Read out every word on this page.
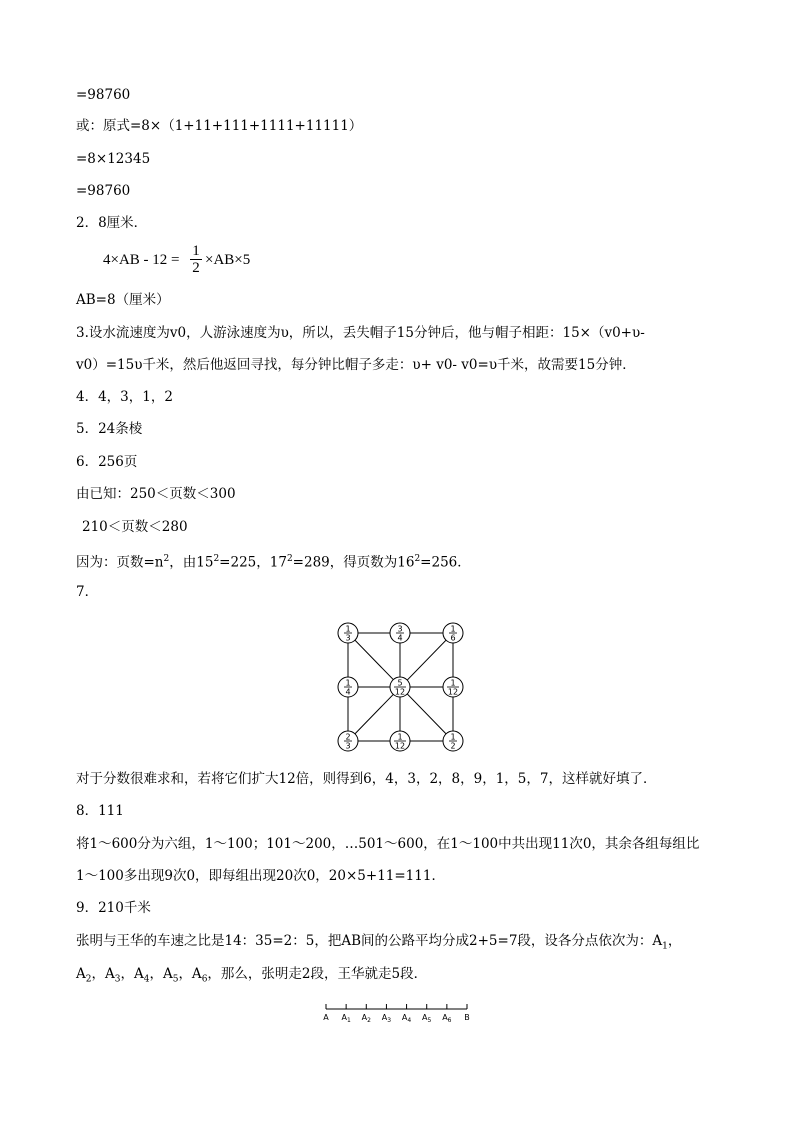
=98760
或：原式=8×（1+11+111+1111+11111）
=8×12345
=98760
2．8厘米．
4×AB - 12 =
1
2 ×AB×5
AB=8（厘米）
3.设水流速度为v0，人游泳速度为υ，所以，丢失帽子15分钟后，他与帽子相距：15×（v0+υ-
v0）=15υ千米，然后他返回寻找，每分钟比帽子多走：υ+ v0- v0=υ千米，故需要15分钟．
4．4，3，1，2
5．24条棱
6．256页
由已知：250＜页数＜300
210＜页数＜280
因为：页数$=n^2$，由$15^2=225$，$17^2=289$，得页数为$16^2=256$．
7．
1
3
3
4
1
6
1
4
5
12
1
12
2
3
1
12
1
2
对于分数很难求和，若将它们扩大12倍，则得到6，4，3，2，8，9，1，5，7，这样就好填了．
8．111
将1～600分为六组，1～100；101～200，…501～600，在1～100中共出现11次0，其余各组每组比
1～100多出现9次0，即每组出现20次0，20×5+11=111．
9．210千米
张明与王华的车速之比是14：35=2：5，把AB间的公路平均分成2+5=7段，设各分点依次为：$A_1$，
$A_2$，$A_3$，$A_4$，$A_5$，$A_6$，那么，张明走2段，王华就走5段．
A $A_1$ $A_2$ $A_3$ $A_4$ $A_5$ $A_6$ B
